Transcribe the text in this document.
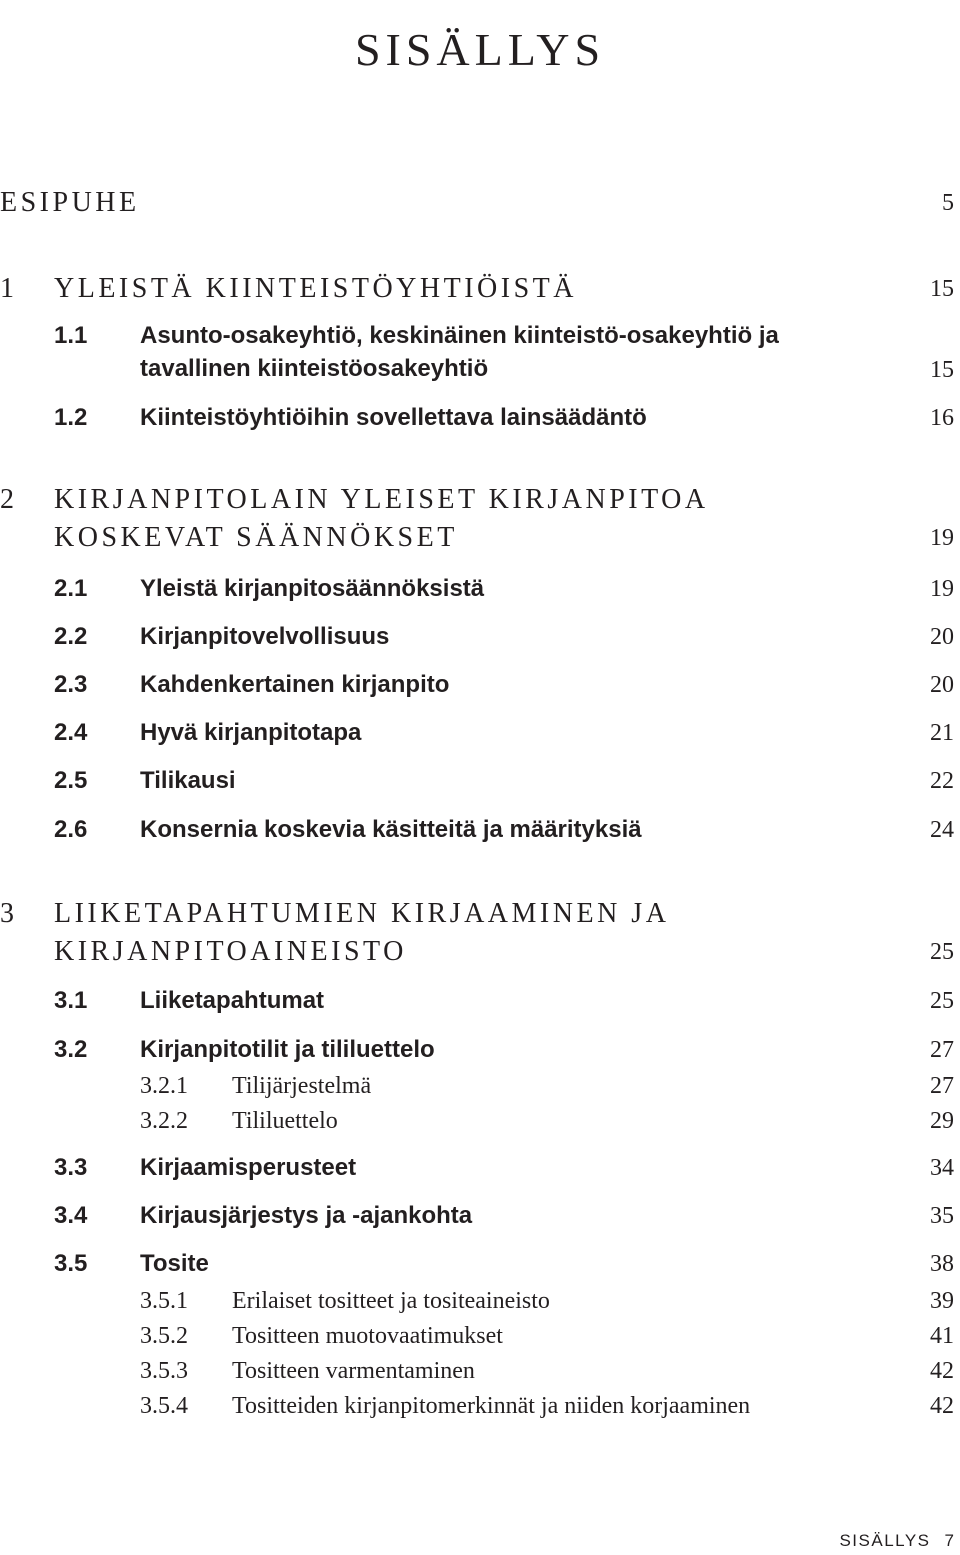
SISÄLLYS
ESIPUHE	5
1 YLEISTÄ KIINTEISTÖYHTIÖISTÄ	15
1.1 Asunto-osakeyhtiö, keskinäinen kiinteistö-osakeyhtiö ja
tavallinen kiinteistöosakeyhtiö	15
1.2 Kiinteistöyhtiöihin sovellettava lainsäädäntö	16
2 KIRJANPITOLAIN YLEISET KIRJANPITOA
KOSKEVAT SÄÄNNÖKSET	19
2.1 Yleistä kirjanpitosäännöksistä	19
2.2 Kirjanpitovelvollisuus	20
2.3 Kahdenkertainen kirjanpito	20
2.4 Hyvä kirjanpitotapa	21
2.5 Tilikausi	22
2.6 Konsernia koskevia käsitteitä ja määrityksiä	24
3 LIIKETAPAHTUMIEN KIRJAAMINEN JA
KIRJANPITOAINEISTO	25
3.1 Liiketapahtumat	25
3.2 Kirjanpitotilit ja tililuettelo	27
3.2.1 Tilijärjestelmä	27
3.2.2 Tililuettelo	29
3.3 Kirjaamisperusteet	34
3.4 Kirjausjärjestys ja -ajankohta	35
3.5 Tosite	38
3.5.1 Erilaiset tositteet ja tositeaineisto	39
3.5.2 Tositteen muotovaatimukset	41
3.5.3 Tositteen varmentaminen	42
3.5.4 Tositteiden kirjanpitomerkinnät ja niiden korjaaminen	42
SISÄLLYS 7
